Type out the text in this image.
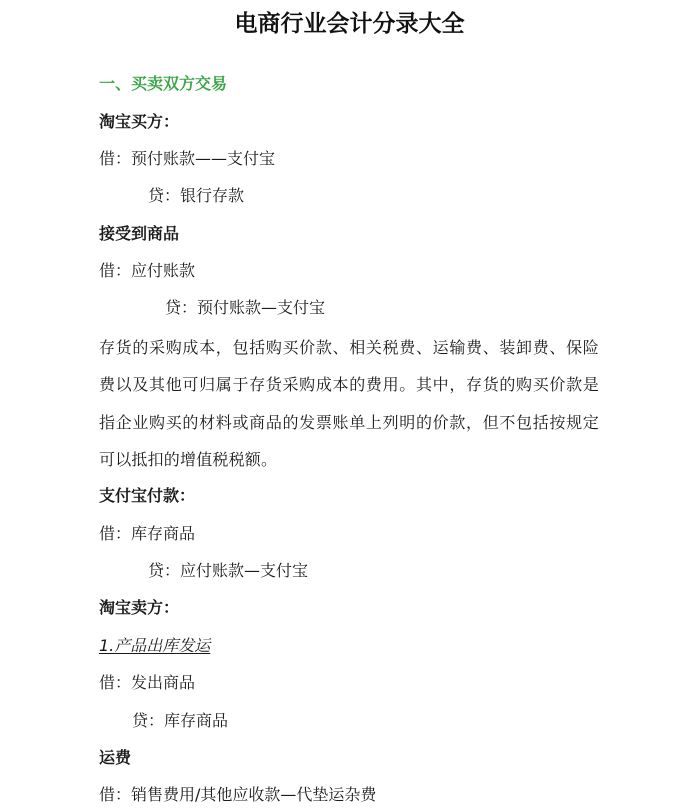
电商行业会计分录大全
一、买卖双方交易
淘宝买方：
借：预付账款——支付宝
贷：银行存款
接受到商品
借：应付账款
贷：预付账款—支付宝
存货的采购成本，包括购买价款、相关税费、运输费、装卸费、保险费以及其他可归属于存货采购成本的费用。其中，存货的购买价款是指企业购买的材料或商品的发票账单上列明的价款，但不包括按规定可以抵扣的增值税税额。
支付宝付款：
借：库存商品
贷：应付账款—支付宝
淘宝卖方：
1.产品出库发运
借：发出商品
贷：库存商品
运费
借：销售费用/其他应收款—代垫运杂费
